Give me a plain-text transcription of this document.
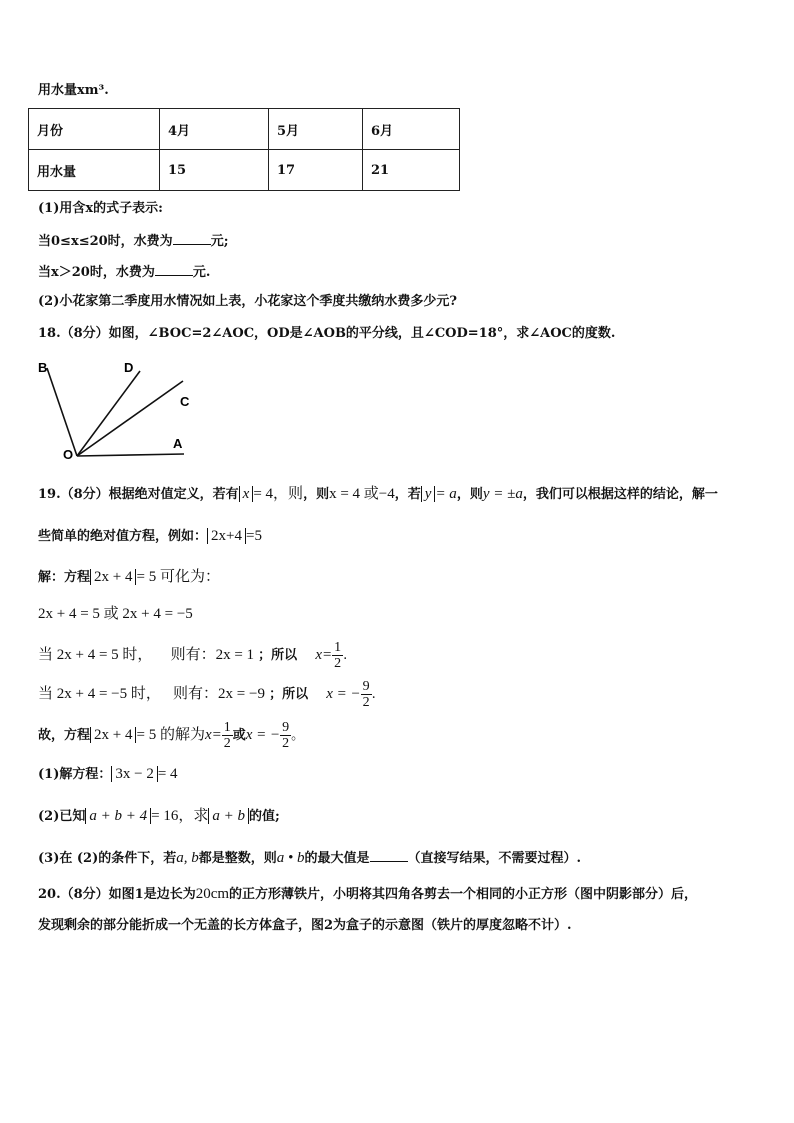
用水量xm³.
月份	4月	5月	6月
用水量	15	17	21
(1)用含x的式子表示:
当0≤x≤20时，水费为	元;
当x＞20时，水费为	元.
(2)小花家第二季度用水情况如上表，小花家这个季度共缴纳水费多少元?
18.（8分）如图，∠BOC=2∠AOC，OD是∠AOB的平分线，且∠COD=18°，求∠AOC的度数.
B	D
C
O
A
19.（8分）根据绝对值定义，若有 x = 4，则，则x = 4 或−4，若 y = a，则y = ±a，我们可以根据这样的结论，解一
些简单的绝对值方程，例如： 2x+4 =5
解：方程 2x + 4 = 5 可化为：
2x + 4 = 5 或 2x + 4 = −5
当 2x + 4 = 5 时， 则有：2x = 1 ；所以 $x= \frac{1}{2}$ .
当 2x + 4 = −5 时， 则有：2x = −9 ；所以 x = − $\frac{9}{2}$ .
故，方程 2x + 4 = 5 的解为$x= \frac{1}{2}$ 或x = − $\frac{9}{2}$ 。
(1)解方程： 3x − 2 = 4
(2)已知 a + b + 4 = 16，求 a + b 的值;
(3)在 (2)的条件下，若a, b都是整数，则a • b的最大值是	（直接写结果，不需要过程）.
20.（8分）如图1是边长为20cm的正方形薄铁片，小明将其四角各剪去一个相同的小正方形（图中阴影部分）后，
发现剩余的部分能折成一个无盖的长方体盒子，图2为盒子的示意图（铁片的厚度忽略不计）.
